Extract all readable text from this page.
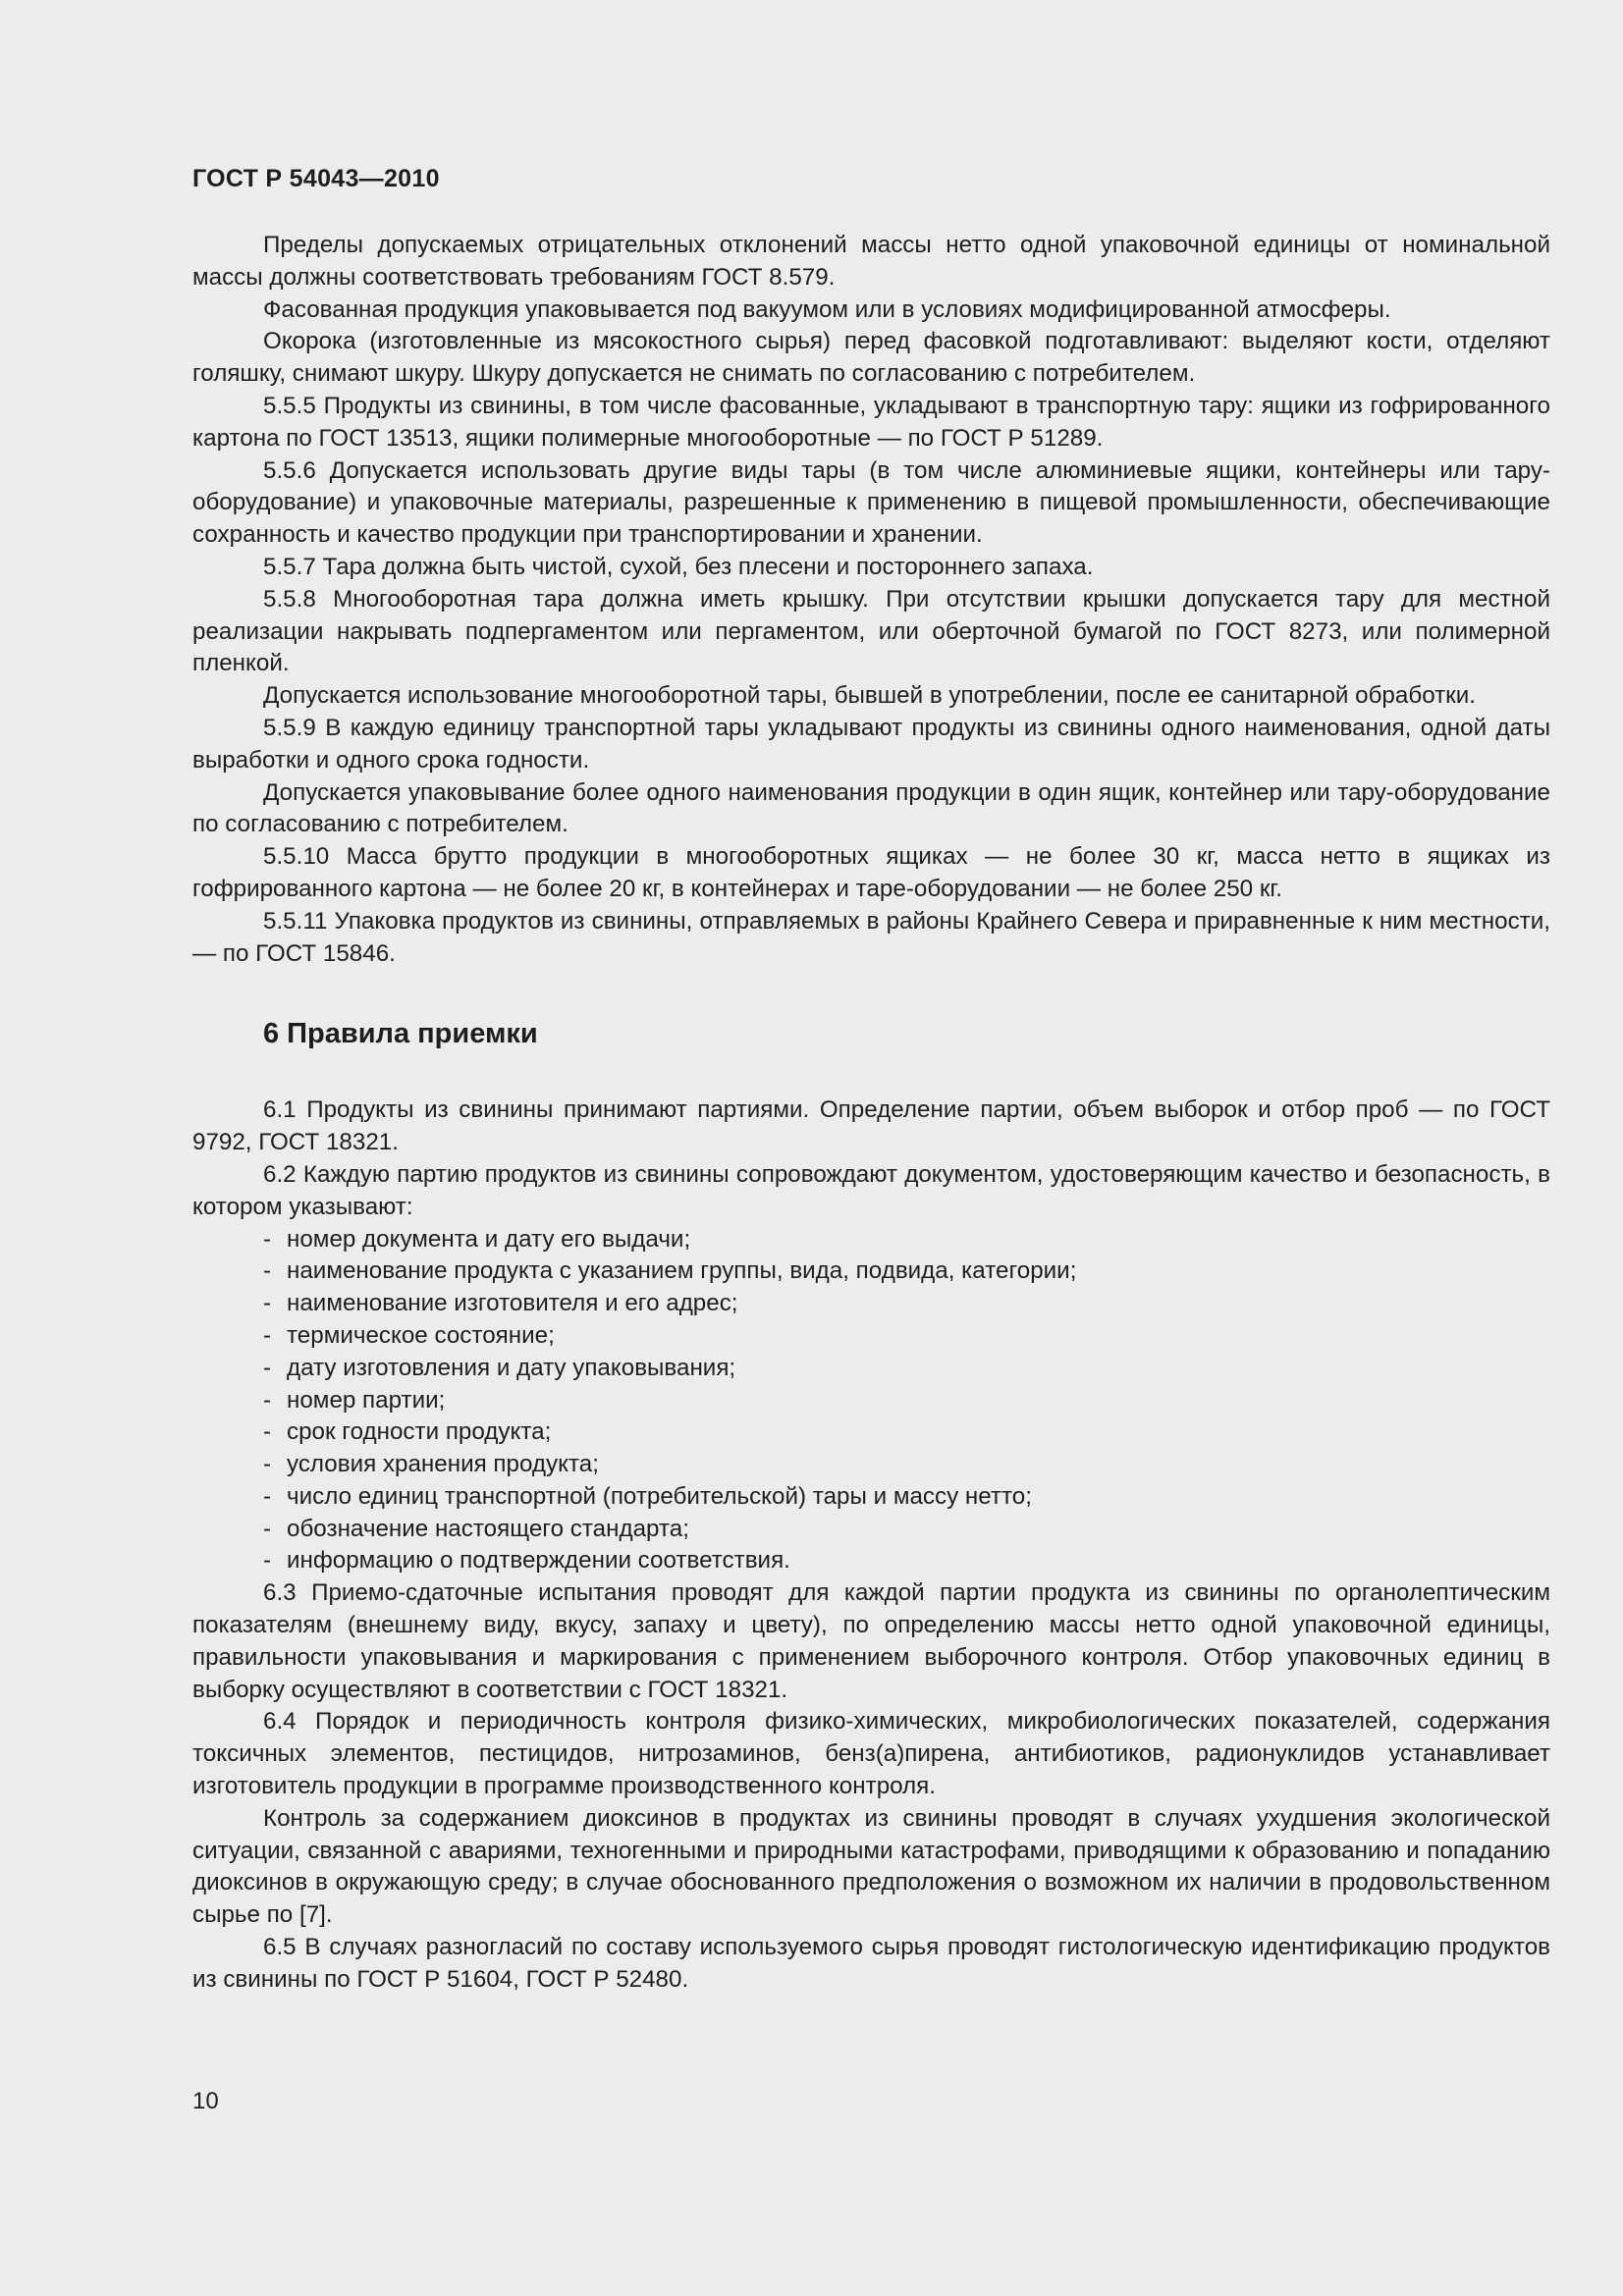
ГОСТ Р 54043—2010

Пределы допускаемых отрицательных отклонений массы нетто одной упаковочной единицы от номинальной массы должны соответствовать требованиям ГОСТ 8.579.

Фасованная продукция упаковывается под вакуумом или в условиях модифицированной атмосферы.

Окорока (изготовленные из мясокостного сырья) перед фасовкой подготавливают: выделяют кости, отделяют голяшку, снимают шкуру. Шкуру допускается не снимать по согласованию с потребителем.

5.5.5 Продукты из свинины, в том числе фасованные, укладывают в транспортную тару: ящики из гофрированного картона по ГОСТ 13513, ящики полимерные многооборотные — по ГОСТ Р 51289.

5.5.6 Допускается использовать другие виды тары (в том числе алюминиевые ящики, контейнеры или тару-оборудование) и упаковочные материалы, разрешенные к применению в пищевой промышленности, обеспечивающие сохранность и качество продукции при транспортировании и хранении.

5.5.7 Тара должна быть чистой, сухой, без плесени и постороннего запаха.

5.5.8 Многооборотная тара должна иметь крышку. При отсутствии крышки допускается тару для местной реализации накрывать подпергаментом или пергаментом, или оберточной бумагой по ГОСТ 8273, или полимерной пленкой.

Допускается использование многооборотной тары, бывшей в употреблении, после ее санитарной обработки.

5.5.9 В каждую единицу транспортной тары укладывают продукты из свинины одного наименования, одной даты выработки и одного срока годности.

Допускается упаковывание более одного наименования продукции в один ящик, контейнер или тару-оборудование по согласованию с потребителем.

5.5.10 Масса брутто продукции в многооборотных ящиках — не более 30 кг, масса нетто в ящиках из гофрированного картона — не более 20 кг, в контейнерах и таре-оборудовании — не более 250 кг.

5.5.11 Упаковка продуктов из свинины, отправляемых в районы Крайнего Севера и приравненные к ним местности, — по ГОСТ 15846.

6 Правила приемки

6.1 Продукты из свинины принимают партиями. Определение партии, объем выборок и отбор проб — по ГОСТ 9792, ГОСТ 18321.

6.2 Каждую партию продуктов из свинины сопровождают документом, удостоверяющим качество и безопасность, в котором указывают:

- номер документа и дату его выдачи;
- наименование продукта с указанием группы, вида, подвида, категории;
- наименование изготовителя и его адрес;
- термическое состояние;
- дату изготовления и дату упаковывания;
- номер партии;
- срок годности продукта;
- условия хранения продукта;
- число единиц транспортной (потребительской) тары и массу нетто;
- обозначение настоящего стандарта;
- информацию о подтверждении соответствия.

6.3 Приемо-сдаточные испытания проводят для каждой партии продукта из свинины по органолептическим показателям (внешнему виду, вкусу, запаху и цвету), по определению массы нетто одной упаковочной единицы, правильности упаковывания и маркирования с применением выборочного контроля. Отбор упаковочных единиц в выборку осуществляют в соответствии с ГОСТ 18321.

6.4 Порядок и периодичность контроля физико-химических, микробиологических показателей, содержания токсичных элементов, пестицидов, нитрозаминов, бенз(а)пирена, антибиотиков, радионуклидов устанавливает изготовитель продукции в программе производственного контроля.

Контроль за содержанием диоксинов в продуктах из свинины проводят в случаях ухудшения экологической ситуации, связанной с авариями, техногенными и природными катастрофами, приводящими к образованию и попаданию диоксинов в окружающую среду; в случае обоснованного предположения о возможном их наличии в продовольственном сырье по [7].

6.5 В случаях разногласий по составу используемого сырья проводят гистологическую идентификацию продуктов из свинины по ГОСТ Р 51604, ГОСТ Р 52480.

10
